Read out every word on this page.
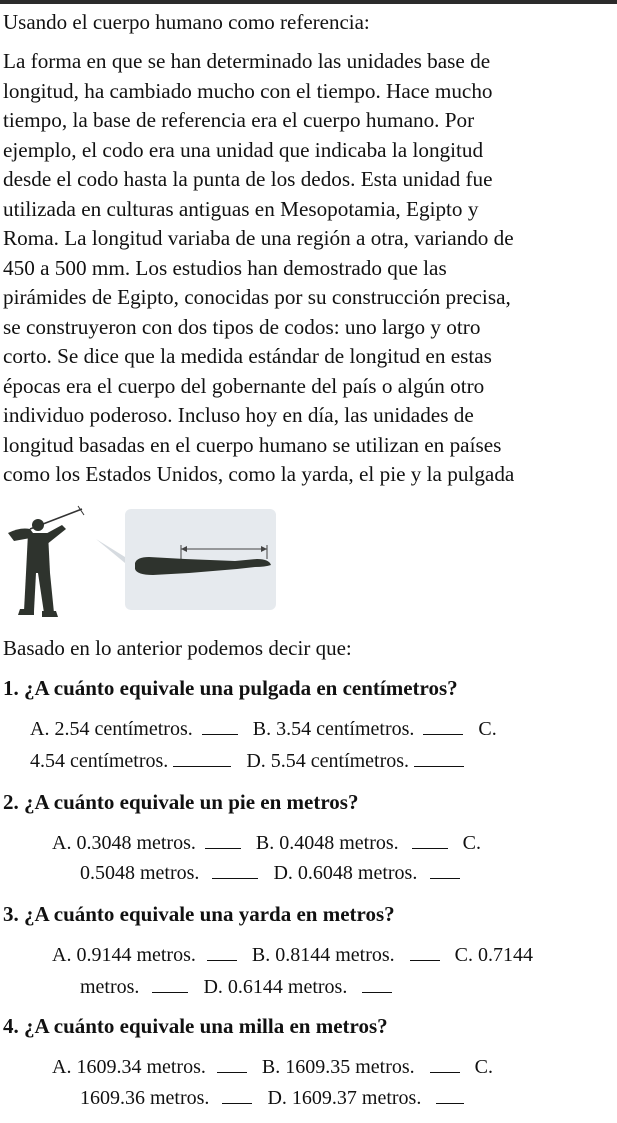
Usando el cuerpo humano como referencia:
La forma en que se han determinado las unidades base de
longitud, ha cambiado mucho con el tiempo. Hace mucho
tiempo, la base de referencia era el cuerpo humano. Por
ejemplo, el codo era una unidad que indicaba la longitud
desde el codo hasta la punta de los dedos. Esta unidad fue
utilizada en culturas antiguas en Mesopotamia, Egipto y
Roma. La longitud variaba de una región a otra, variando de
450 a 500 mm. Los estudios han demostrado que las
pirámides de Egipto, conocidas por su construcción precisa,
se construyeron con dos tipos de codos: uno largo y otro
corto. Se dice que la medida estándar de longitud en estas
épocas era el cuerpo del gobernante del país o algún otro
individuo poderoso. Incluso hoy en día, las unidades de
longitud basadas en el cuerpo humano se utilizan en países
como los Estados Unidos, como la yarda, el pie y la pulgada
Basado en lo anterior podemos decir que:
1. ¿A cuánto equivale una pulgada en centímetros?
A. 2.54 centímetros.	B. 3.54 centímetros.	C.
4.54 centímetros.	D. 5.54 centímetros.
2. ¿A cuánto equivale un pie en metros?
A. 0.3048 metros.	B. 0.4048 metros.	C.
0.5048 metros.	D. 0.6048 metros.
3. ¿A cuánto equivale una yarda en metros?
A. 0.9144 metros.	B. 0.8144 metros.	C. 0.7144
metros.	D. 0.6144 metros.
4. ¿A cuánto equivale una milla en metros?
A. 1609.34 metros.	B. 1609.35 metros.	C.
1609.36 metros.	D. 1609.37 metros.
